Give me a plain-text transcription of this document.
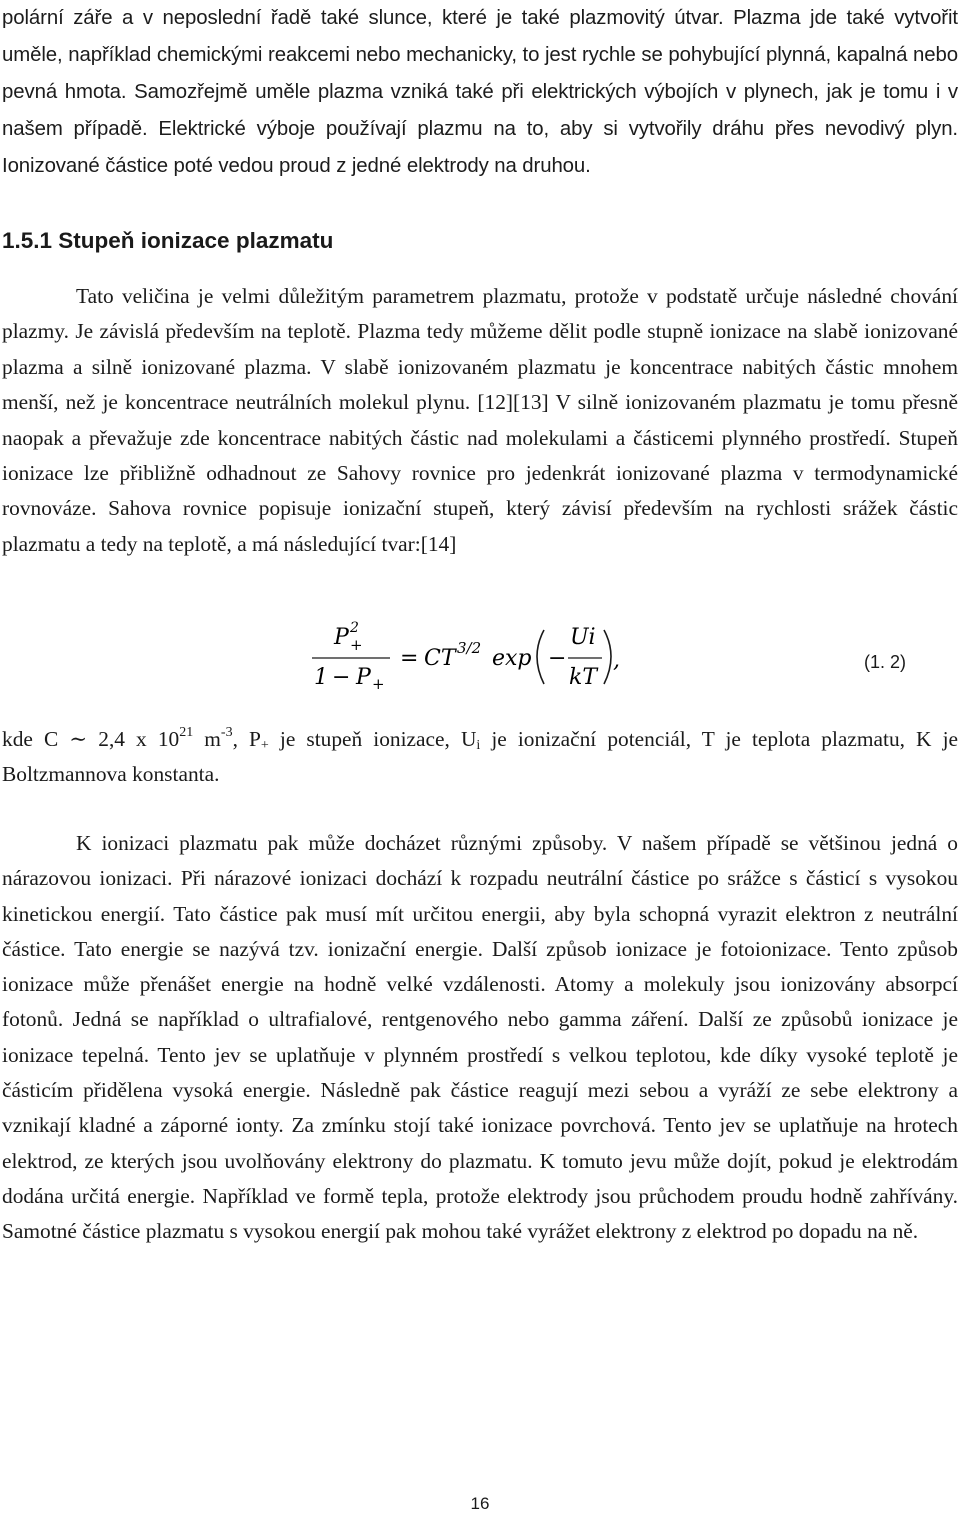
polární záře a v neposlední řadě také slunce, které je také plazmovitý útvar. Plazma jde také vytvořit uměle, například chemickými reakcemi nebo mechanicky, to jest rychle se pohybující plynná, kapalná nebo pevná hmota. Samozřejmě uměle plazma vzniká také při elektrických výbojích v plynech, jak je tomu i v našem případě. Elektrické výboje používají plazmu na to, aby si vytvořily dráhu přes nevodivý plyn. Ionizované částice poté vedou proud z jedné elektrody na druhou.

1.5.1 Stupeň ionizace plazmatu

Tato veličina je velmi důležitým parametrem plazmatu, protože v podstatě určuje následné chování plazmy. Je závislá především na teplotě. Plazma tedy můžeme dělit podle stupně ionizace na slabě ionizované plazma a silně ionizované plazma. V slabě ionizovaném plazmatu je koncentrace nabitých částic mnohem menší, než je koncentrace neutrálních molekul plynu. [12][13] V silně ionizovaném plazmatu je tomu přesně naopak a převažuje zde koncentrace nabitých částic nad molekulami a částicemi plynného prostředí. Stupeň ionizace lze přibližně odhadnout ze Sahovy rovnice pro jedenkrát ionizované plazma v termodynamické rovnováze. Sahova rovnice popisuje ionizační stupeň, který závisí především na rychlosti srážek částic plazmatu a tedy na teplotě, a má následující tvar:[14]

P 2
+
1 − P +
= CT 3/2 exp −
Ui
kT
,	(1. 2)

kde C ∼ 2,4 x $10^{21}$ $m^{-3}$, $P_+$ je stupeň ionizace, $U_i$ je ionizační potenciál, T je teplota plazmatu, K je Boltzmannova konstanta.

K ionizaci plazmatu pak může docházet různými způsoby. V našem případě se většinou jedná o nárazovou ionizaci. Při nárazové ionizaci dochází k rozpadu neutrální částice po srážce s částicí s vysokou kinetickou energií. Tato částice pak musí mít určitou energii, aby byla schopná vyrazit elektron z neutrální částice. Tato energie se nazývá tzv. ionizační energie. Další způsob ionizace je fotoionizace. Tento způsob ionizace může přenášet energie na hodně velké vzdálenosti. Atomy a molekuly jsou ionizovány absorpcí fotonů. Jedná se například o ultrafialové, rentgenového nebo gamma záření. Další ze způsobů ionizace je ionizace tepelná. Tento jev se uplatňuje v plynném prostředí s velkou teplotou, kde díky vysoké teplotě je částicím přidělena vysoká energie. Následně pak částice reagují mezi sebou a vyráží ze sebe elektrony a vznikají kladné a záporné ionty. Za zmínku stojí také ionizace povrchová. Tento jev se uplatňuje na hrotech elektrod, ze kterých jsou uvolňovány elektrony do plazmatu. K tomuto jevu může dojít, pokud je elektrodám dodána určitá energie. Například ve formě tepla, protože elektrody jsou průchodem proudu hodně zahřívány. Samotné částice plazmatu s vysokou energií pak mohou také vyrážet elektrony z elektrod po dopadu na ně.

16
